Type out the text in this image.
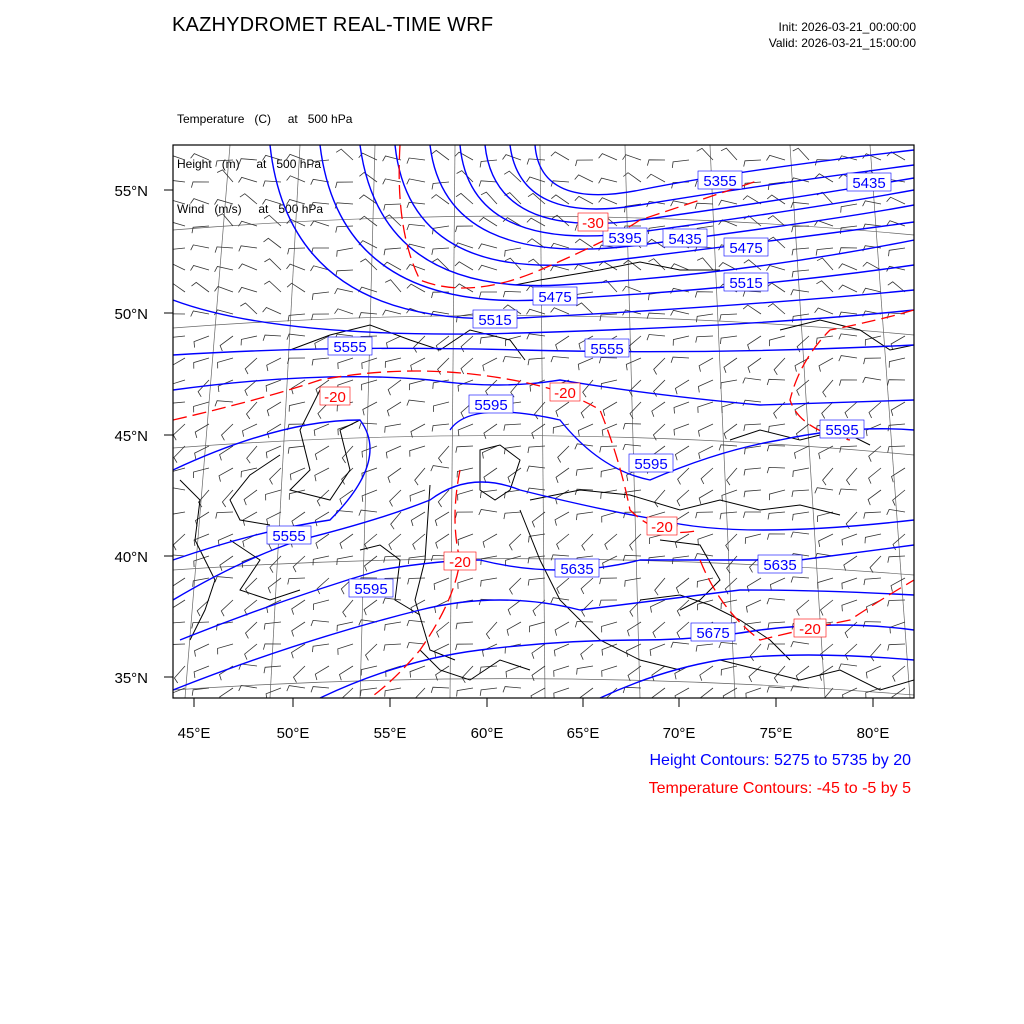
KAZHYDROMET REAL-TIME WRF	Init: 2026-03-21_00:00:00
Valid: 2026-03-21_15:00:00

Temperature   (C)     at   500 hPa

Height   (m)     at   500 hPa

Wind   (m/s)     at   500 hPa

45°E	50°E	55°E	60°E	65°E	70°E	75°E	80°E
55°N
50°N
45°N
40°N
35°N
5355	5435
5395 5435
5475
5515
5475
5515
5555	5555
5595
5595
5595
5555
5635	5635
5595
5675
-30
-20	-20
-20
-20
-20
Height Contours: 5275 to 5735 by 20
Temperature Contours: -45 to -5 by 5
